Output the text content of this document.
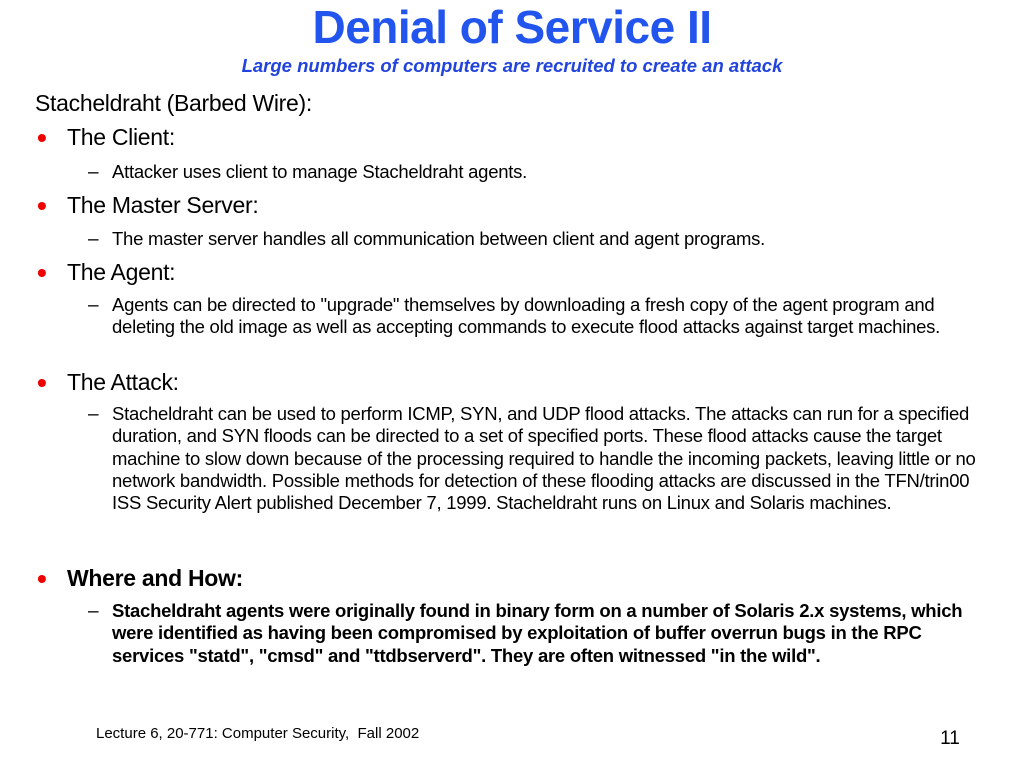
Denial of Service II
Large numbers of computers are recruited to create an attack
Stacheldraht (Barbed Wire):
• The Client:
– Attacker uses client to manage Stacheldraht agents.
• The Master Server:
– The master server handles all communication between client and agent programs.
• The Agent:
– Agents can be directed to "upgrade" themselves by downloading a fresh copy of the agent program and deleting the old image as well as accepting commands to execute flood attacks against target machines.
• The Attack:
– Stacheldraht can be used to perform ICMP, SYN, and UDP flood attacks. The attacks can run for a specified duration, and SYN floods can be directed to a set of specified ports. These flood attacks cause the target machine to slow down because of the processing required to handle the incoming packets, leaving little or no network bandwidth. Possible methods for detection of these flooding attacks are discussed in the TFN/trin00 ISS Security Alert published December 7, 1999. Stacheldraht runs on Linux and Solaris machines.
• Where and How:
– Stacheldraht agents were originally found in binary form on a number of Solaris 2.x systems, which were identified as having been compromised by exploitation of buffer overrun bugs in the RPC services "statd", "cmsd" and "ttdbserverd". They are often witnessed "in the wild".
Lecture 6, 20-771: Computer Security,  Fall 2002	11
